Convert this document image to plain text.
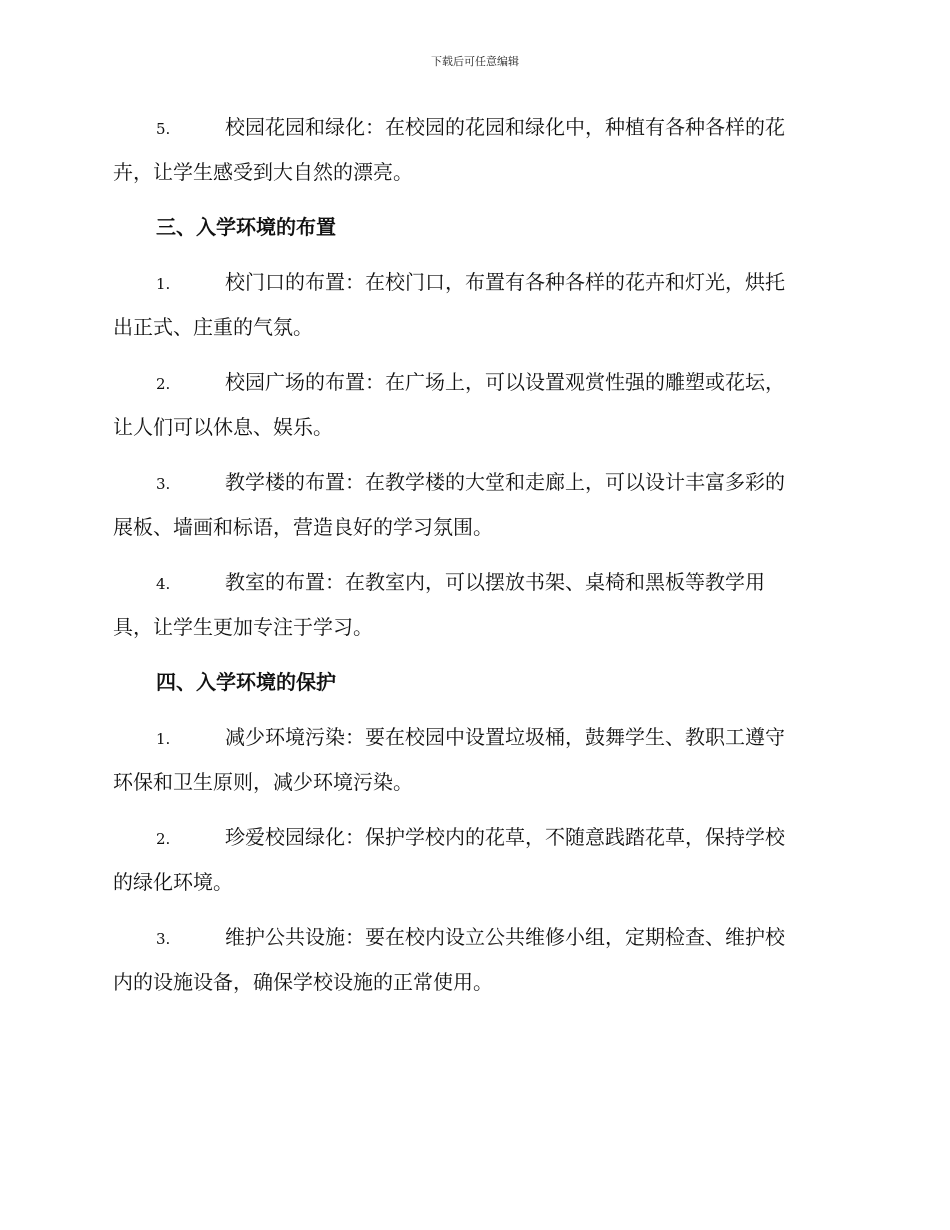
下载后可任意编辑
5.	校园花园和绿化：在校园的花园和绿化中，种植有各种各样的花
卉，让学生感受到大自然的漂亮。
三、入学环境的布置
1.	校门口的布置：在校门口，布置有各种各样的花卉和灯光，烘托
出正式、庄重的气氛。
2.	校园广场的布置：在广场上，可以设置观赏性强的雕塑或花坛，
让人们可以休息、娱乐。
3.	教学楼的布置：在教学楼的大堂和走廊上，可以设计丰富多彩的
展板、墙画和标语，营造良好的学习氛围。
4.	教室的布置：在教室内，可以摆放书架、桌椅和黑板等教学用
具，让学生更加专注于学习。
四、入学环境的保护
1.	减少环境污染：要在校园中设置垃圾桶，鼓舞学生、教职工遵守
环保和卫生原则，减少环境污染。
2.	珍爱校园绿化：保护学校内的花草，不随意践踏花草，保持学校
的绿化环境。
3.	维护公共设施：要在校内设立公共维修小组，定期检查、维护校
内的设施设备，确保学校设施的正常使用。
